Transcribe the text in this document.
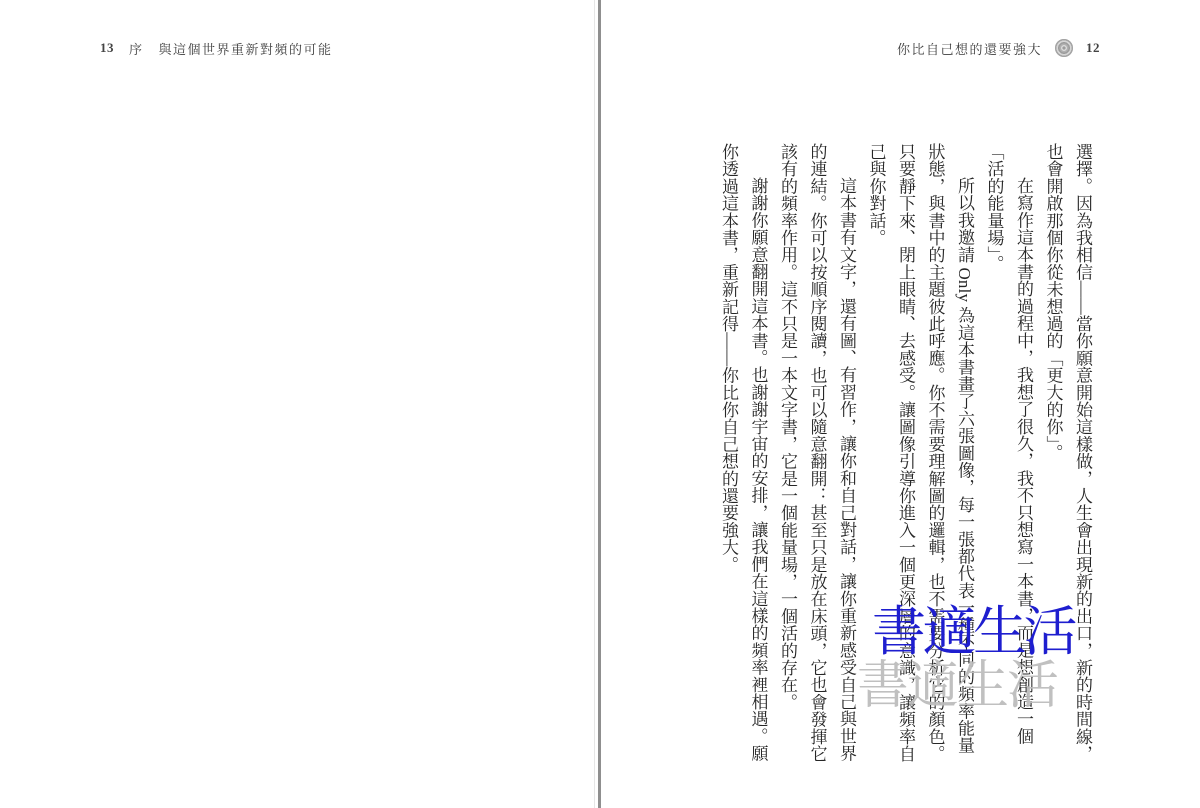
13 序 與這個世界重新對頻的可能	你比自己想的還要強大	12

選擇。因為我相信——當你願意開始這樣做，人生會出現新的出口，新的時間線，也會開啟那個你從未想過的「更大的你」。

在寫作這本書的過程中，我想了很久，我不只想寫一本書，而是想創造一個「活的能量場」。

所以我邀請 Only 為這本書畫了六張圖像，每一張都代表一種不同的頻率能量狀態，與書中的主題彼此呼應。你不需要理解圖的邏輯，也不需要分析它的顏色。只要靜下來、閉上眼睛、去感受。讓圖像引導你進入一個更深層的意識，讓頻率自己與你對話。

這本書有文字，還有圖、有習作，讓你和自己對話，讓你重新感受自己與世界的連結。你可以按順序閱讀，也可以隨意翻開：甚至只是放在床頭，它也會發揮它該有的頻率作用。這不只是一本文字書，它是一個能量場，一個活的存在。

謝謝你願意翻開這本書。也謝謝宇宙的安排，讓我們在這樣的頻率裡相遇。願你透過這本書，重新記得——你比你自己想的還要強大。

書適生活
書適生活
